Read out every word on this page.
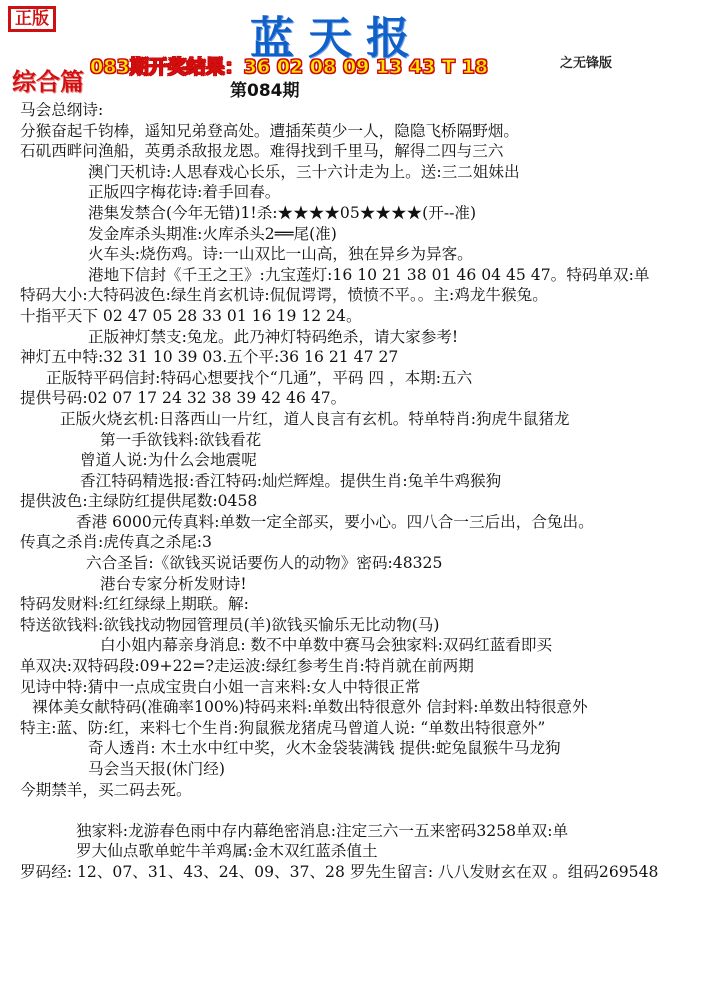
正版	蓝天报
083期开奖结果：36 02 08 09 13 43 T 18	之无锋版
综合篇	第084期
马会总纲诗:
分猴奋起千钧棒，遥知兄弟登高处。遭插茱萸少一人，隐隐飞桥隔野烟。
石矶西畔问渔船，英勇杀敌报龙恩。难得找到千里马，解得二四与三六
澳门天机诗:人思春戏心长乐，三十六计走为上。送:三二姐妹出
正版四字梅花诗:着手回春。
港集发禁合(今年无错)1!杀:★★★★05★★★★(开--准)
发金库杀头期准:火库杀头2══尾(准)
火车头:烧伤鸡。诗:一山双比一山高，独在异乡为异客。
港地下信封《千王之王》:九宝莲灯:16 10 21 38 01 46 04 45 47。特码单双:单
特码大小:大特码波色:绿生肖玄机诗:侃侃谔谔，愤愤不平。。主:鸡龙牛猴兔。
十指平天下 02 47 05 28 33 01 16 19 12 24。
正版神灯禁支:兔龙。此乃神灯特码绝杀，请大家参考!
神灯五中特:32 31 10 39 03.五个平:36 16 21 47 27
正版特平码信封:特码心想要找个“几通”，平码 四 ，本期:五六
提供号码:02 07 17 24 32 38 39 42 46 47。
正版火烧玄机:日落西山一片红，道人良言有玄机。特单特肖:狗虎牛鼠猪龙
第一手欲钱料:欲钱看花
曾道人说:为什么会地震呢
香江特码精选报:香江特码:灿烂辉煌。提供生肖:兔羊牛鸡猴狗
提供波色:主绿防红提供尾数:0458
香港 6000元传真料:单数一定全部买，要小心。四八合一三后出，合兔出。
传真之杀肖:虎传真之杀尾:3
六合圣旨:《欲钱买说话要伤人的动物》密码:48325
港台专家分析发财诗!
特码发财料:红红绿绿上期联。解:
特送欲钱料:欲钱找动物园管理员(羊)欲钱买愉乐无比动物(马)
白小姐内幕亲身消息: 数不中单数中赛马会独家料:双码红蓝看即买
单双决:双特码段:09+22=?走运波:绿红参考生肖:特肖就在前两期
见诗中特:猜中一点成宝贵白小姐一言来料:女人中特很正常
裸体美女献特码(准确率100%)特码来料:单数出特很意外 信封料:单数出特很意外
特主:蓝、防:红，来料七个生肖:狗鼠猴龙猪虎马曾道人说: “单数出特很意外”
奇人透肖: 木土水中红中奖，火木金袋装满钱 提供:蛇兔鼠猴牛马龙狗
马会当天报(休门经)
今期禁羊，买二码去死。
独家料:龙游春色雨中存内幕绝密消息:注定三六一五来密码3258单双:单
罗大仙点歌单蛇牛羊鸡属:金木双红蓝杀值土
罗码经: 12、07、31、43、24、09、37、28 罗先生留言: 八八发财玄在双 。组码269548
